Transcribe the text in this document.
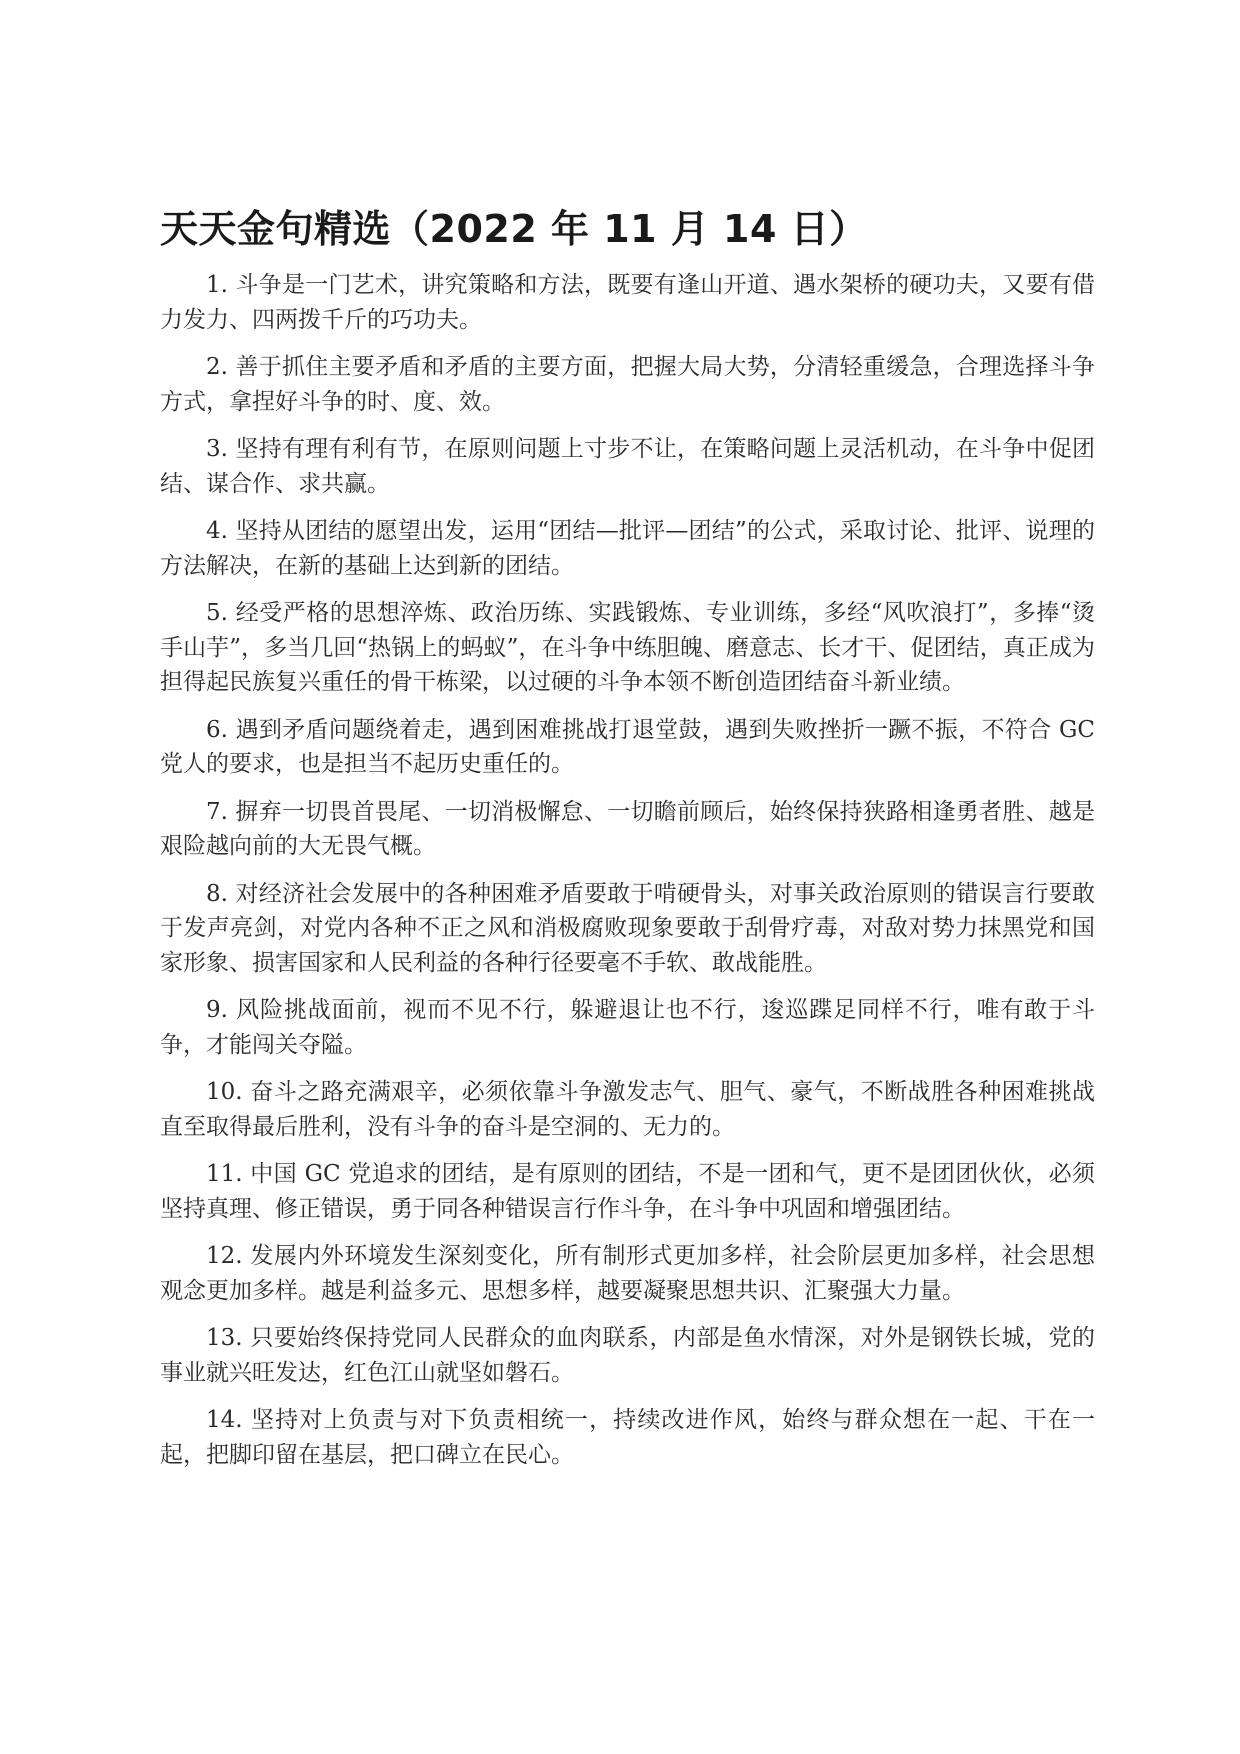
天天金句精选（2022 年 11 月 14 日）

1. 斗争是一门艺术，讲究策略和方法，既要有逢山开道、遇水架桥的硬功夫，又要有借力发力、四两拨千斤的巧功夫。

2. 善于抓住主要矛盾和矛盾的主要方面，把握大局大势，分清轻重缓急，合理选择斗争方式，拿捏好斗争的时、度、效。

3. 坚持有理有利有节，在原则问题上寸步不让，在策略问题上灵活机动，在斗争中促团结、谋合作、求共赢。

4. 坚持从团结的愿望出发，运用“团结—批评—团结”的公式，采取讨论、批评、说理的方法解决，在新的基础上达到新的团结。

5. 经受严格的思想淬炼、政治历练、实践锻炼、专业训练，多经“风吹浪打”，多捧“烫手山芋”，多当几回“热锅上的蚂蚁”，在斗争中练胆魄、磨意志、长才干、促团结，真正成为担得起民族复兴重任的骨干栋梁，以过硬的斗争本领不断创造团结奋斗新业绩。

6. 遇到矛盾问题绕着走，遇到困难挑战打退堂鼓，遇到失败挫折一蹶不振，不符合 GC 党人的要求，也是担当不起历史重任的。

7. 摒弃一切畏首畏尾、一切消极懈怠、一切瞻前顾后，始终保持狭路相逢勇者胜、越是艰险越向前的大无畏气概。

8. 对经济社会发展中的各种困难矛盾要敢于啃硬骨头，对事关政治原则的错误言行要敢于发声亮剑，对党内各种不正之风和消极腐败现象要敢于刮骨疗毒，对敌对势力抹黑党和国家形象、损害国家和人民利益的各种行径要毫不手软、敢战能胜。

9. 风险挑战面前，视而不见不行，躲避退让也不行，逡巡蹀足同样不行，唯有敢于斗争，才能闯关夺隘。

10. 奋斗之路充满艰辛，必须依靠斗争激发志气、胆气、豪气，不断战胜各种困难挑战直至取得最后胜利，没有斗争的奋斗是空洞的、无力的。

11. 中国 GC 党追求的团结，是有原则的团结，不是一团和气，更不是团团伙伙，必须坚持真理、修正错误，勇于同各种错误言行作斗争，在斗争中巩固和增强团结。

12. 发展内外环境发生深刻变化，所有制形式更加多样，社会阶层更加多样，社会思想观念更加多样。越是利益多元、思想多样，越要凝聚思想共识、汇聚强大力量。

13. 只要始终保持党同人民群众的血肉联系，内部是鱼水情深，对外是钢铁长城，党的事业就兴旺发达，红色江山就坚如磐石。

14. 坚持对上负责与对下负责相统一，持续改进作风，始终与群众想在一起、干在一起，把脚印留在基层，把口碑立在民心。
